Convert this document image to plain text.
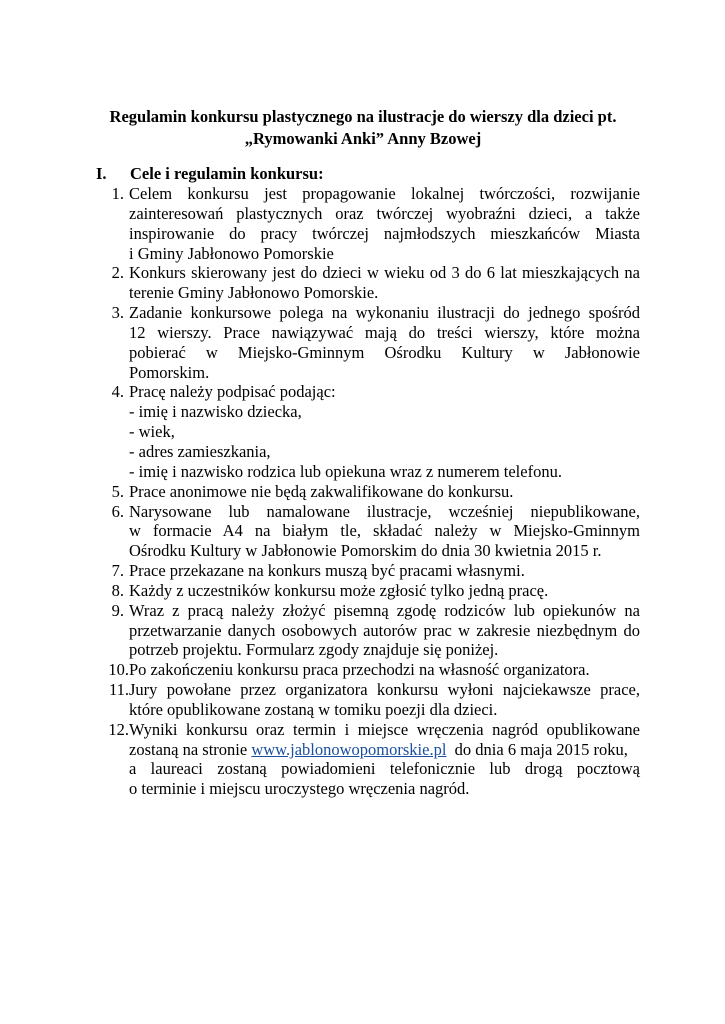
Regulamin konkursu plastycznego na ilustracje do wierszy dla dzieci pt.
„Rymowanki Anki” Anny Bzowej
I. Cele i regulamin konkursu:
1. Celem konkursu jest propagowanie lokalnej twórczości, rozwijanie
zainteresowań plastycznych oraz twórczej wyobraźni dzieci, a także
inspirowanie do pracy twórczej najmłodszych mieszkańców Miasta
i Gminy Jabłonowo Pomorskie
2. Konkurs skierowany jest do dzieci w wieku od 3 do 6 lat mieszkających na
terenie Gminy Jabłonowo Pomorskie.
3. Zadanie konkursowe polega na wykonaniu ilustracji do jednego spośród
12 wierszy. Prace nawiązywać mają do treści wierszy, które można
pobierać w Miejsko-Gminnym Ośrodku Kultury w Jabłonowie
Pomorskim.
4. Pracę należy podpisać podając:
- imię i nazwisko dziecka,
- wiek,
- adres zamieszkania,
- imię i nazwisko rodzica lub opiekuna wraz z numerem telefonu.
5. Prace anonimowe nie będą zakwalifikowane do konkursu.
6. Narysowane lub namalowane ilustracje, wcześniej niepublikowane,
w formacie A4 na białym tle, składać należy w Miejsko-Gminnym
Ośrodku Kultury w Jabłonowie Pomorskim do dnia 30 kwietnia 2015 r.
7. Prace przekazane na konkurs muszą być pracami własnymi.
8. Każdy z uczestników konkursu może zgłosić tylko jedną pracę.
9. Wraz z pracą należy złożyć pisemną zgodę rodziców lub opiekunów na
przetwarzanie danych osobowych autorów prac w zakresie niezbędnym do
potrzeb projektu. Formularz zgody znajduje się poniżej.
10. Po zakończeniu konkursu praca przechodzi na własność organizatora.
11. Jury powołane przez organizatora konkursu wyłoni najciekawsze prace,
które opublikowane zostaną w tomiku poezji dla dzieci.
12. Wyniki konkursu oraz termin i miejsce wręczenia nagród opublikowane
zostaną na stronie www.jablonowopomorskie.pl  do dnia 6 maja 2015 roku,
a laureaci zostaną powiadomieni telefonicznie lub drogą pocztową
o terminie i miejscu uroczystego wręczenia nagród.
